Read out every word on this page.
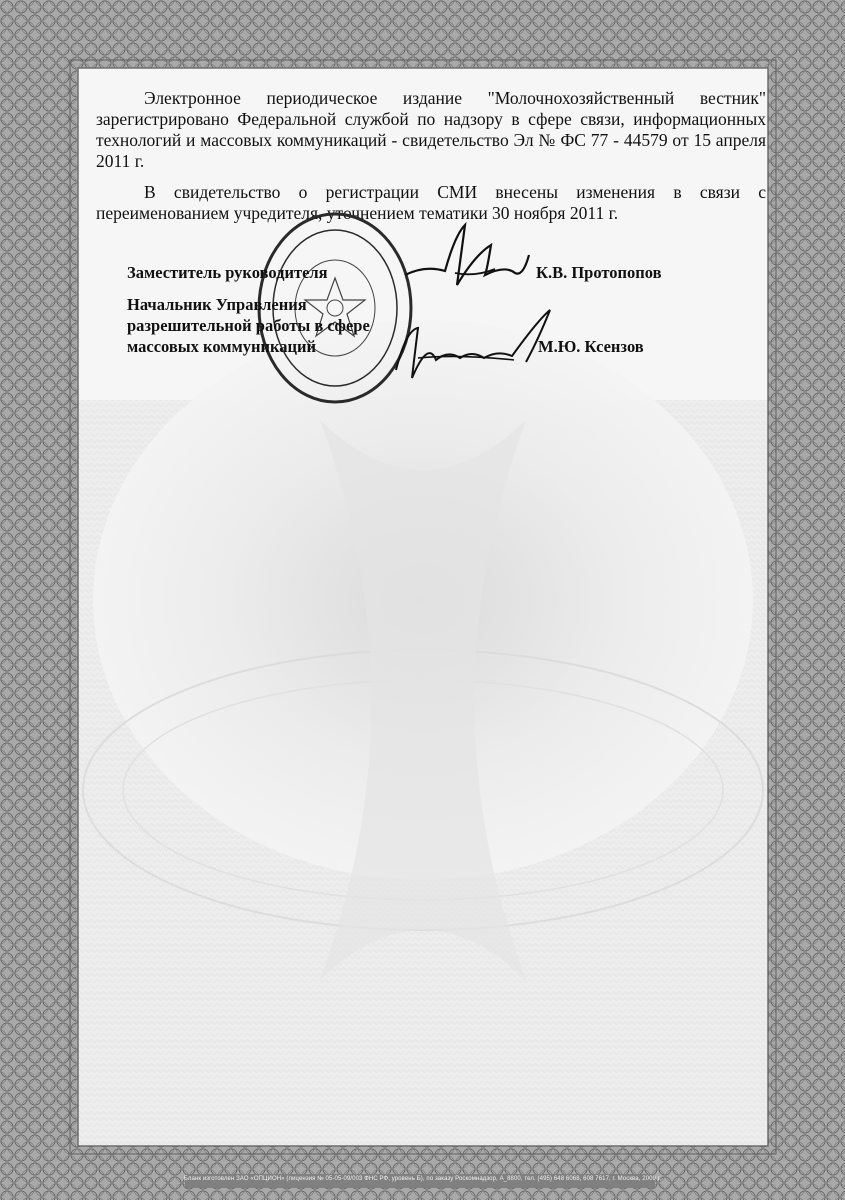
Электронное периодическое издание "Молочнохозяйственный вестник" зарегистрировано Федеральной службой по надзору в сфере связи, информационных технологий и массовых коммуникаций - свидетельство Эл № ФС 77 - 44579 от 15 апреля 2011 г.

В свидетельство о регистрации СМИ внесены изменения в связи с переименованием учредителя, уточнением тематики 30 ноября 2011 г.

Заместитель руководителя	К.В. Протопопов
Начальник Управления
разрешительной работы в сфере
массовых коммуникаций	М.Ю. Ксензов
Бланк изготовлен ЗАО «ОПЦИОН» (лицензия № 05-05-09/003 ФНС РФ, уровень Б), по заказу Роскомнадзор, А_8800, тел. (495) 648 6068, 608 7617, г. Москва, 2009 г.
